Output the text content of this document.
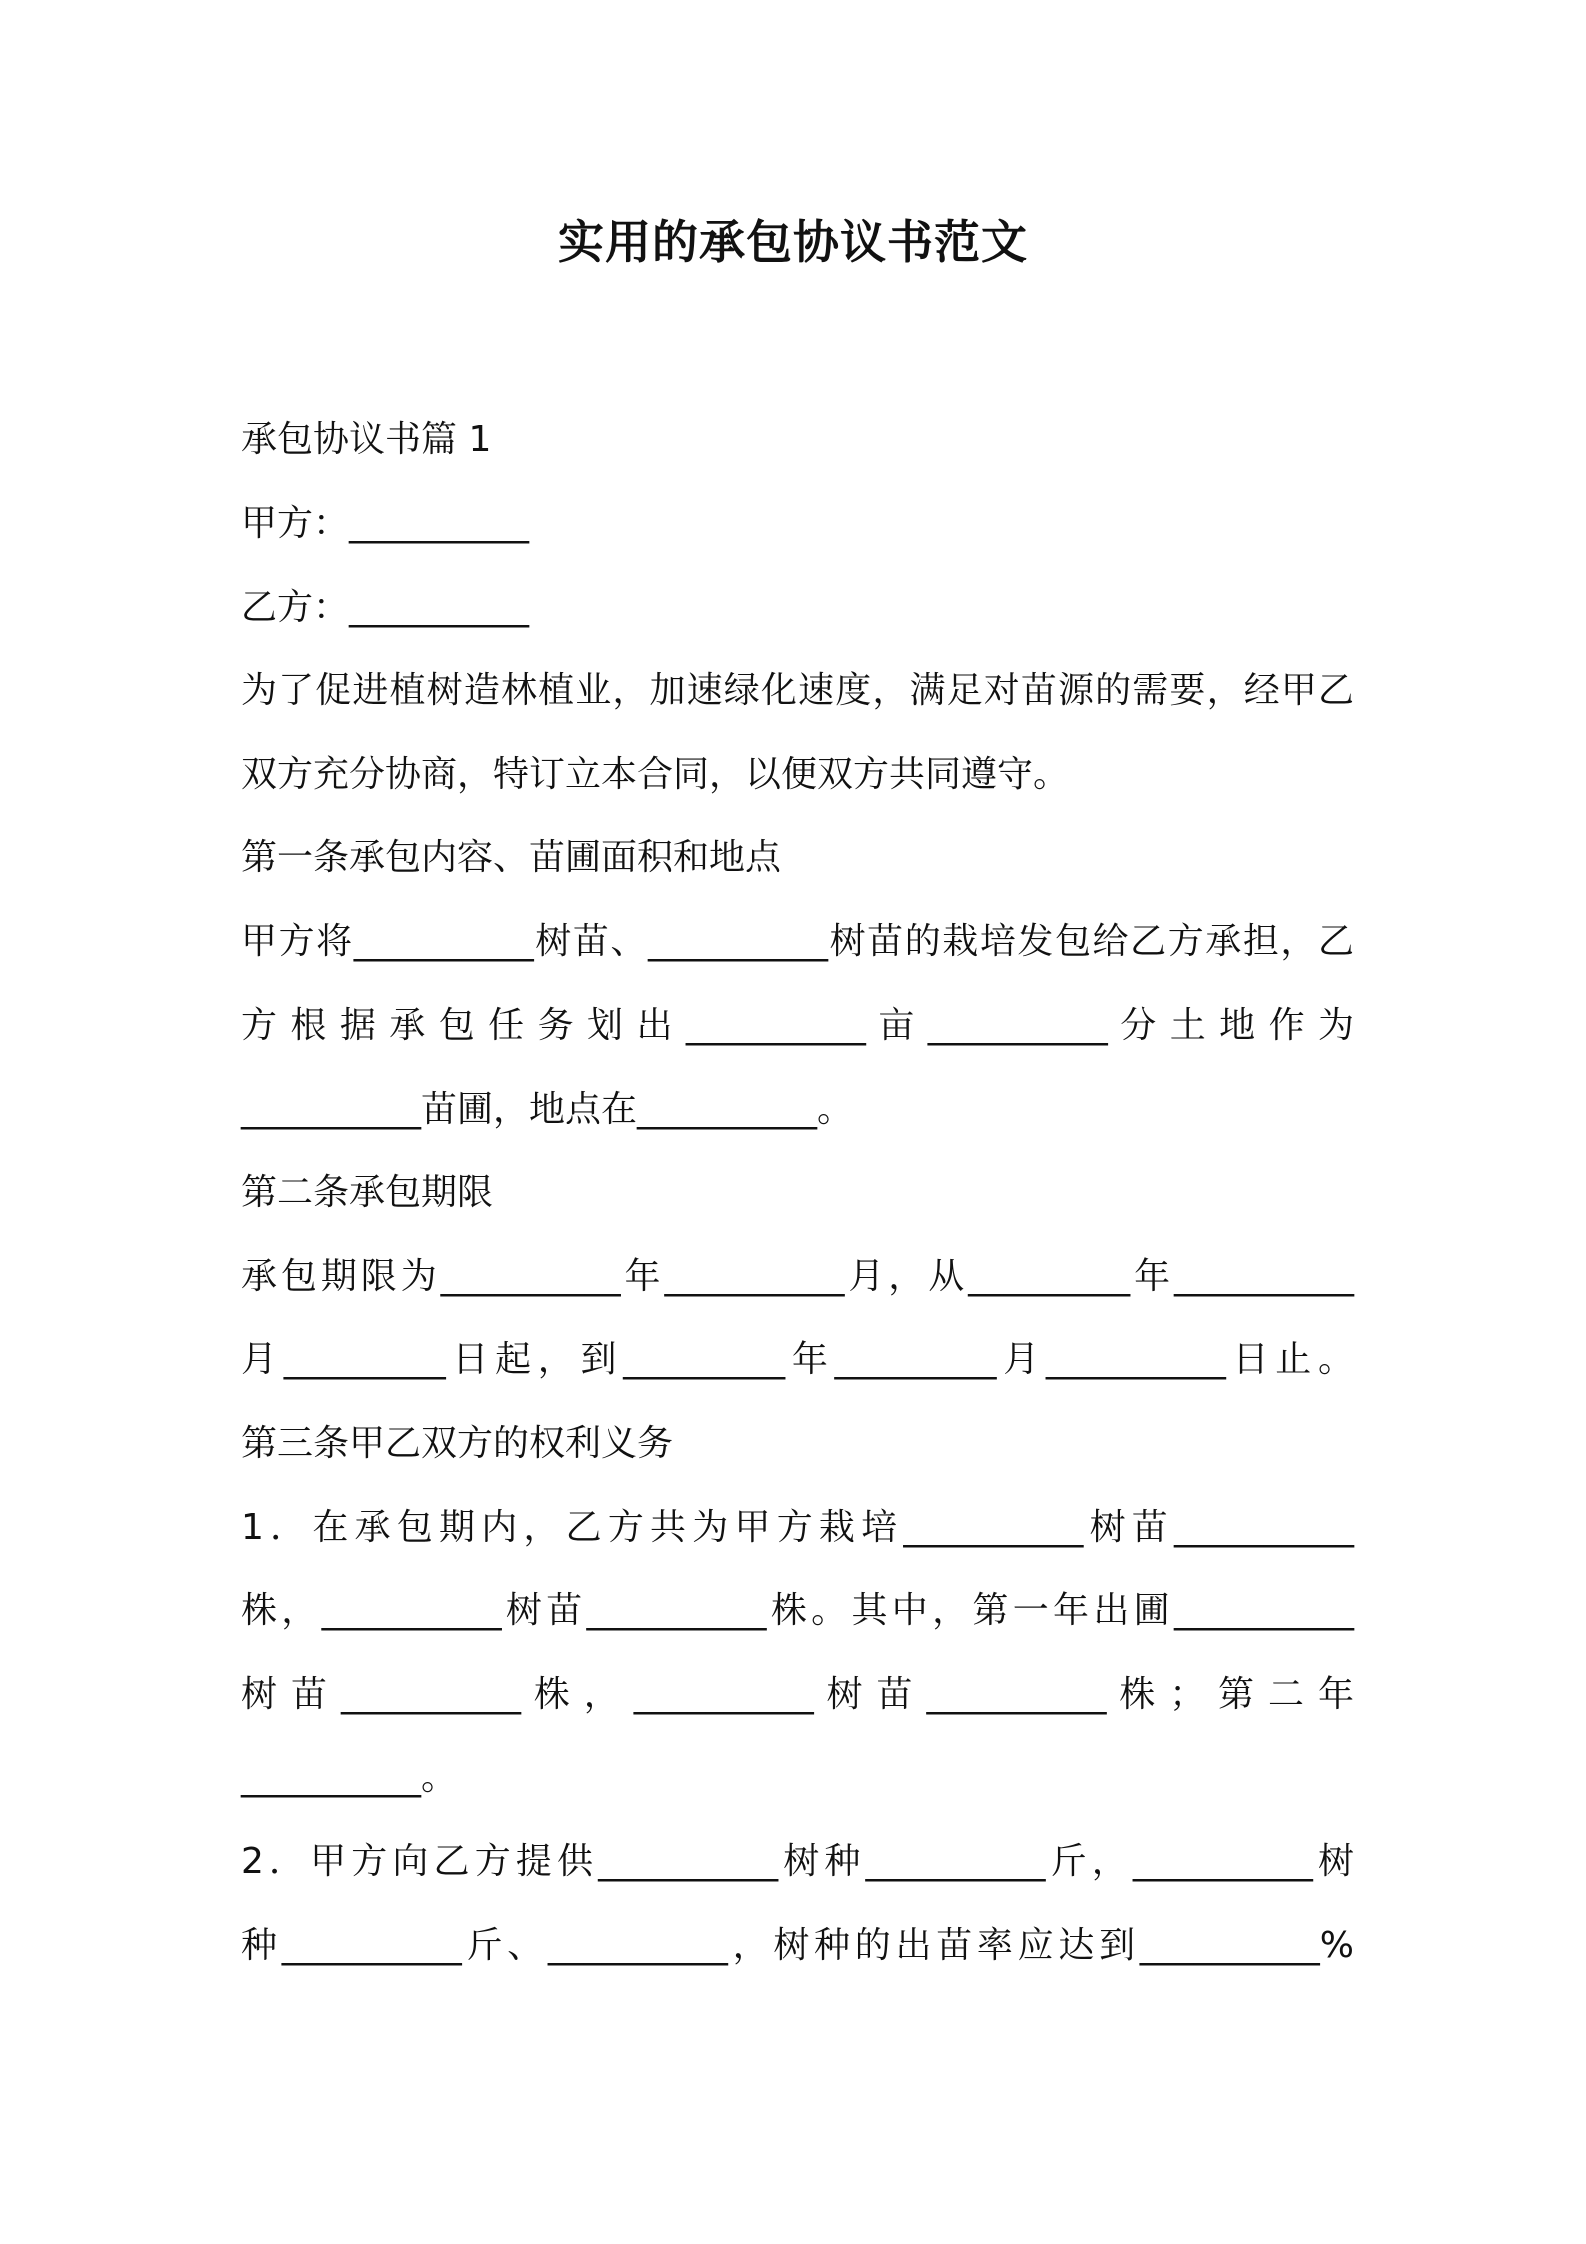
实用的承包协议书范文
承包协议书篇 1
甲方：__________
乙方：__________
为了促进植树造林植业，加速绿化速度，满足对苗源的需要，经甲乙
双方充分协商，特订立本合同，以便双方共同遵守。
第一条承包内容、苗圃面积和地点
甲方将__________树苗、__________树苗的栽培发包给乙方承担，乙
方 根 据 承 包 任 务 划 出 __________ 亩 __________ 分 土 地 作 为
__________苗圃，地点在__________。
第二条承包期限
承包期限为__________年__________月，从_________年__________
月_________日起，到_________年_________月__________日止。
第三条甲乙双方的权利义务
1．在承包期内，乙方共为甲方栽培__________树苗__________
株，__________树苗__________株。其中，第一年出圃__________
树 苗 __________ 株 ， __________ 树 苗 __________ 株 ； 第 二 年
__________。
2．甲方向乙方提供__________树种__________斤，__________树
种__________斤、__________，树种的出苗率应达到__________%
